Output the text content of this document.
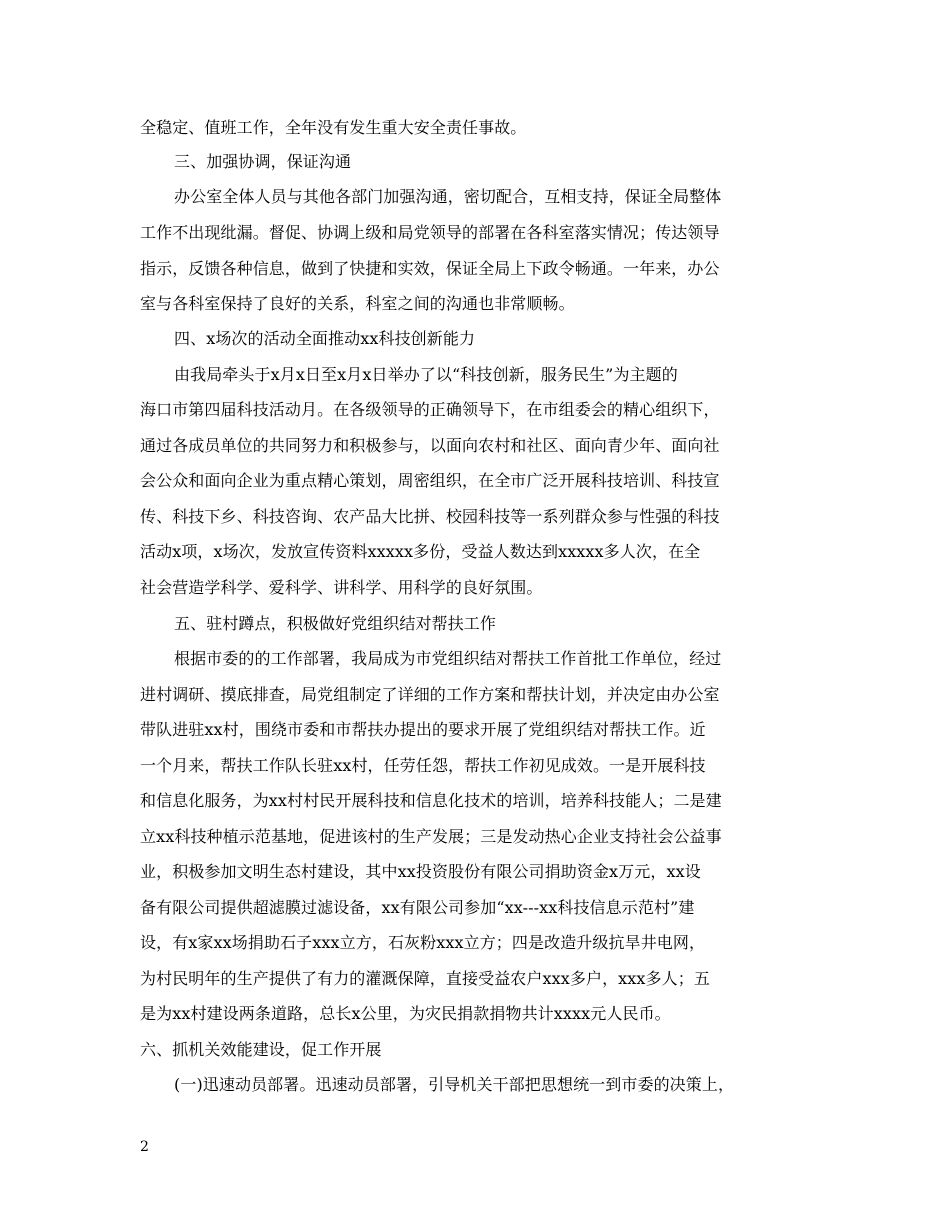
全稳定、值班工作，全年没有发生重大安全责任事故。
三、加强协调，保证沟通
办公室全体人员与其他各部门加强沟通，密切配合，互相支持，保证全局整体
工作不出现纰漏。督促、协调上级和局党领导的部署在各科室落实情况；传达领导
指示，反馈各种信息，做到了快捷和实效，保证全局上下政令畅通。一年来，办公
室与各科室保持了良好的关系，科室之间的沟通也非常顺畅。
四、x场次的活动全面推动xx科技创新能力
由我局牵头于x月x日至x月x日举办了以“科技创新，服务民生”为主题的
海口市第四届科技活动月。在各级领导的正确领导下，在市组委会的精心组织下，
通过各成员单位的共同努力和积极参与，以面向农村和社区、面向青少年、面向社
会公众和面向企业为重点精心策划，周密组织，在全市广泛开展科技培训、科技宣
传、科技下乡、科技咨询、农产品大比拼、校园科技等一系列群众参与性强的科技
活动x项，x场次，发放宣传资料xxxxx多份，受益人数达到xxxxx多人次，在全
社会营造学科学、爱科学、讲科学、用科学的良好氛围。
五、驻村蹲点，积极做好党组织结对帮扶工作
根据市委的的工作部署，我局成为市党组织结对帮扶工作首批工作单位，经过
进村调研、摸底排查，局党组制定了详细的工作方案和帮扶计划，并决定由办公室
带队进驻xx村，围绕市委和市帮扶办提出的要求开展了党组织结对帮扶工作。近
一个月来，帮扶工作队长驻xx村，任劳任怨，帮扶工作初见成效。一是开展科技
和信息化服务，为xx村村民开展科技和信息化技术的培训，培养科技能人；二是建
立xx科技种植示范基地，促进该村的生产发展；三是发动热心企业支持社会公益事
业，积极参加文明生态村建设，其中xx投资股份有限公司捐助资金x万元，xx设
备有限公司提供超滤膜过滤设备，xx有限公司参加“xx---xx科技信息示范村”建
设，有x家xx场捐助石子xxx立方，石灰粉xxx立方；四是改造升级抗旱井电网，
为村民明年的生产提供了有力的灌溉保障，直接受益农户xxx多户，xxx多人；五
是为xx村建设两条道路，总长x公里，为灾民捐款捐物共计xxxx元人民币。
六、抓机关效能建设，促工作开展
(一)迅速动员部署。迅速动员部署，引导机关干部把思想统一到市委的决策上，
2
